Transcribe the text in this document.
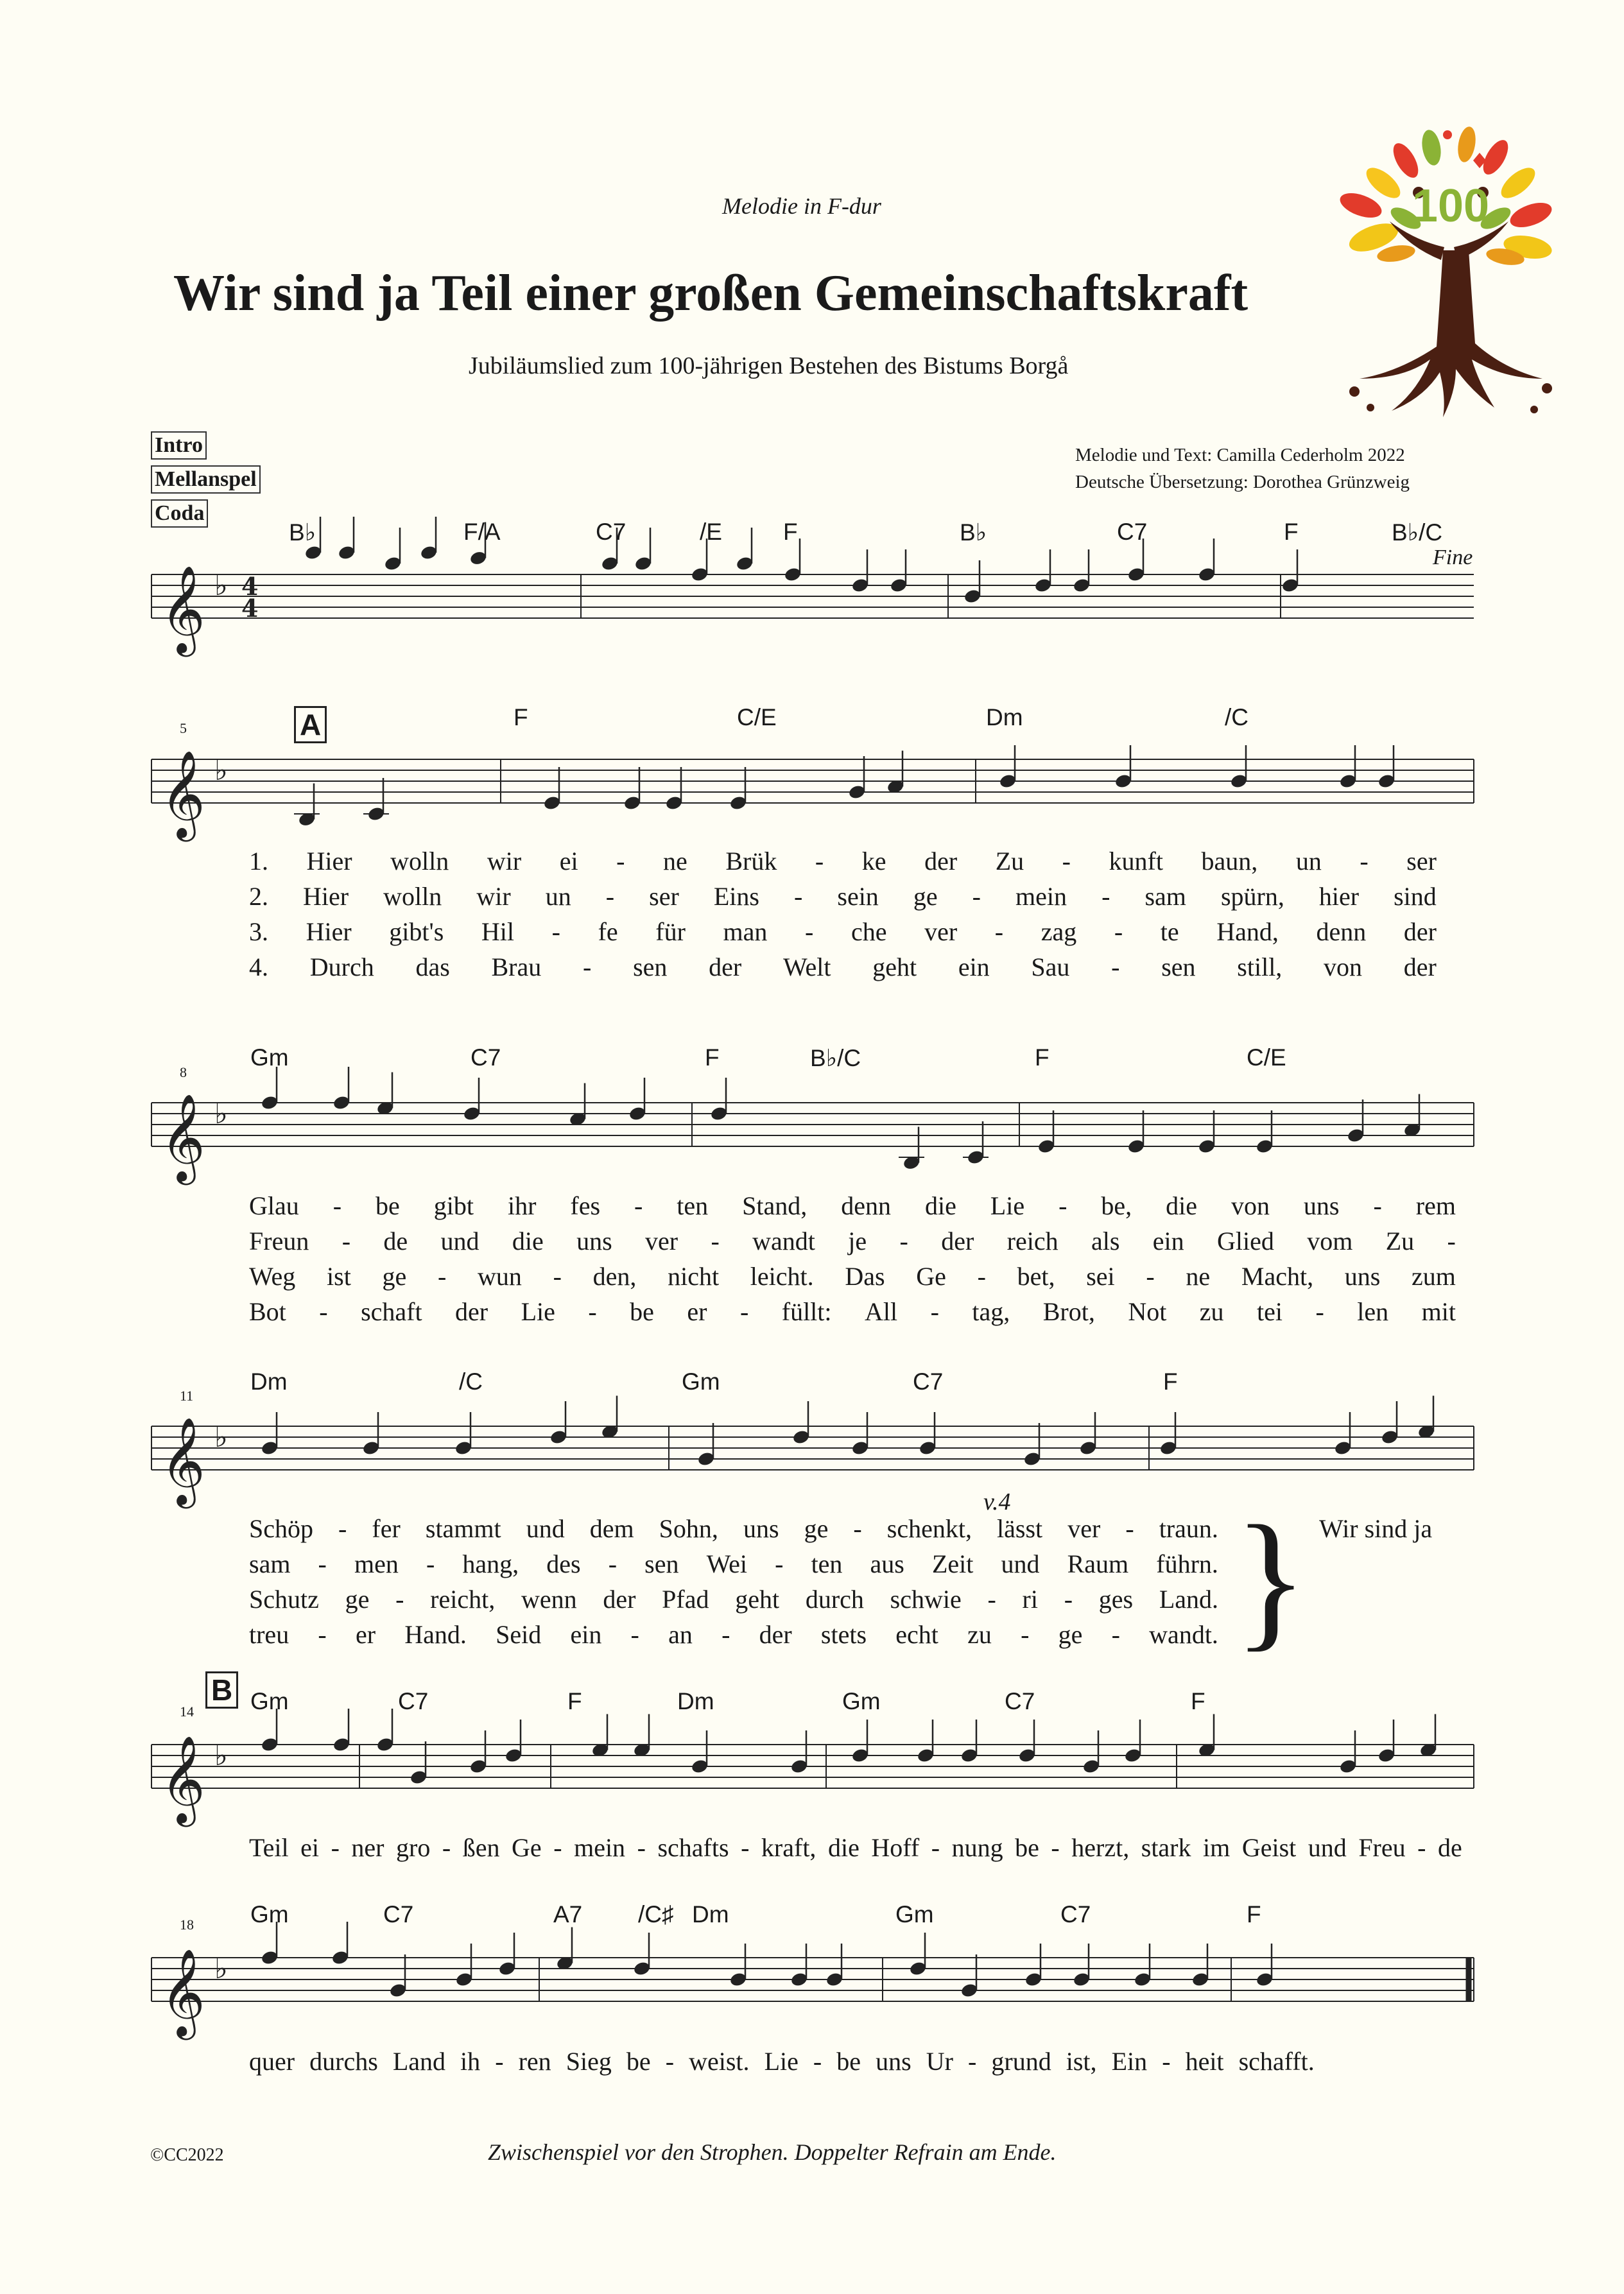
Melodie in F-dur
Wir sind ja Teil einer großen Gemeinschaftskraft
Jubiläumslied zum 100-jährigen Bestehen des Bistums Borgå
Melodie und Text: Camilla Cederholm 2022
Deutsche Übersetzung: Dorothea Grünzweig
Intro
Mellanspel
Coda
100
𝄞 ♭ 4
4
𝄞 ♭
𝄞 ♭
𝄞 ♭
𝄞 ♭
𝄞 ♭
B♭	F/A	C7	/E	F	B♭	C7	F	B♭/C
Fine
5	A	F	C/E	Dm	/C
1. Hier wolln wir ei - ne Brük - ke der Zu - kunft baun, un - ser
2. Hier wolln wir un - ser Eins - sein ge - mein - sam spürn, hier sind
3. Hier gibt's Hil - fe für man - che ver - zag - te Hand, denn der
4. Durch das Brau - sen der Welt geht ein Sau - sen still, von der
8
Gm	C7	F	B♭/C	F	C/E
Glau - be gibt ihr fes - ten Stand, denn die Lie - be, die von uns - rem
Freun - de und die uns ver - wandt je - der reich als ein Glied vom Zu -
Weg ist ge - wun - den, nicht leicht. Das Ge - bet, sei - ne Macht, uns zum
Bot - schaft der Lie - be er - füllt: All - tag, Brot, Not zu tei - len mit
11
Dm	/C	Gm	C7	F
v.4
Schöp - fer stammt und dem Sohn, uns ge - schenkt, lässt ver - traun.
sam - men - hang, des - sen Wei - ten aus Zeit und Raum führn.
Schutz ge - reicht, wenn der Pfad geht durch schwie - ri - ges Land.
treu - er Hand. Seid ein - an - der stets echt zu - ge - wandt. } Wir sind ja
14
B Gm	C7	F	Dm	Gm	C7	F
Teil ei - ner gro - ßen Ge - mein - schafts - kraft, die Hoff - nung be - herzt, stark im Geist und Freu - de
18 Gm	C7	A7 /C♯ Dm	Gm	C7	F
quer durchs Land ih - ren Sieg be - weist. Lie - be uns Ur - grund ist, Ein - heit schafft.
©CC2022	Zwischenspiel vor den Strophen. Doppelter Refrain am Ende.
